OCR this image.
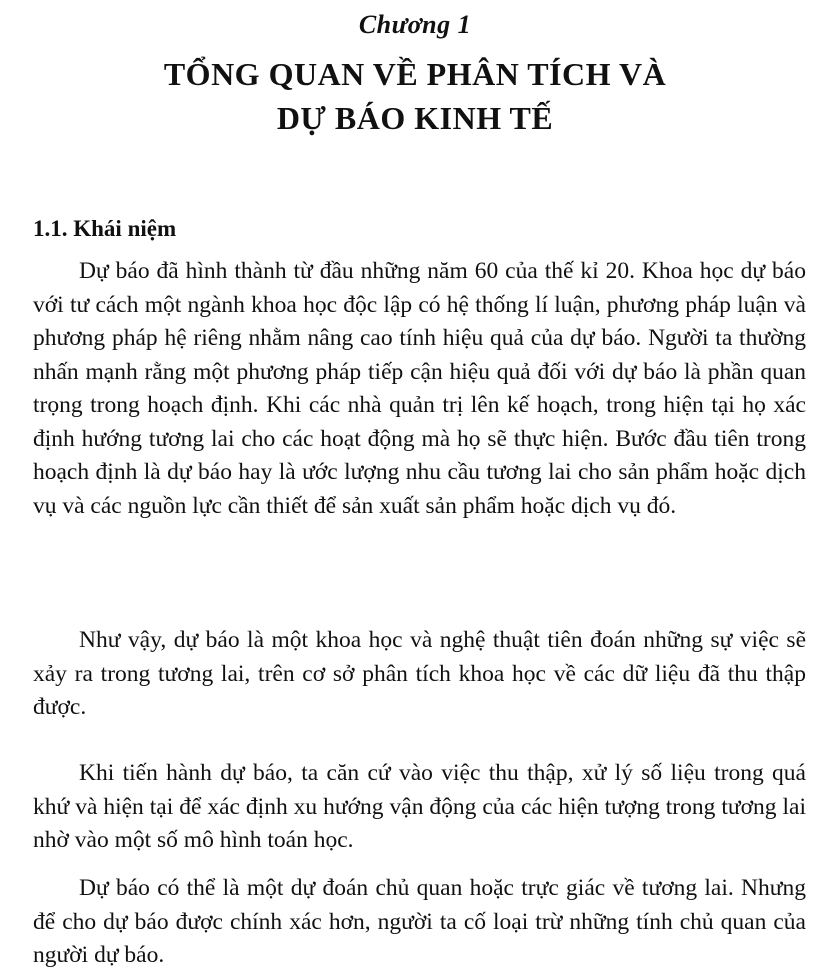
Chương 1
TỔNG QUAN VỀ PHÂN TÍCH VÀ
DỰ BÁO KINH TẾ
1.1. Khái niệm

Dự báo đã hình thành từ đầu những năm 60 của thế kỉ 20. Khoa học dự báo với tư cách một ngành khoa học độc lập có hệ thống lí luận, phương pháp luận và phương pháp hệ riêng nhằm nâng cao tính hiệu quả của dự báo. Người ta thường nhấn mạnh rằng một phương pháp tiếp cận hiệu quả đối với dự báo là phần quan trọng trong hoạch định. Khi các nhà quản trị lên kế hoạch, trong hiện tại họ xác định hướng tương lai cho các hoạt động mà họ sẽ thực hiện. Bước đầu tiên trong hoạch định là dự báo hay là ước lượng nhu cầu tương lai cho sản phẩm hoặc dịch vụ và các nguồn lực cần thiết để sản xuất sản phẩm hoặc dịch vụ đó.

Như vậy, dự báo là một khoa học và nghệ thuật tiên đoán những sự việc sẽ xảy ra trong tương lai, trên cơ sở phân tích khoa học về các dữ liệu đã thu thập được.

Khi tiến hành dự báo, ta căn cứ vào việc thu thập, xử lý số liệu trong quá khứ và hiện tại để xác định xu hướng vận động của các hiện tượng trong tương lai nhờ vào một số mô hình toán học.

Dự báo có thể là một dự đoán chủ quan hoặc trực giác về tương lai. Nhưng để cho dự báo được chính xác hơn, người ta cố loại trừ những tính chủ quan của người dự báo.
